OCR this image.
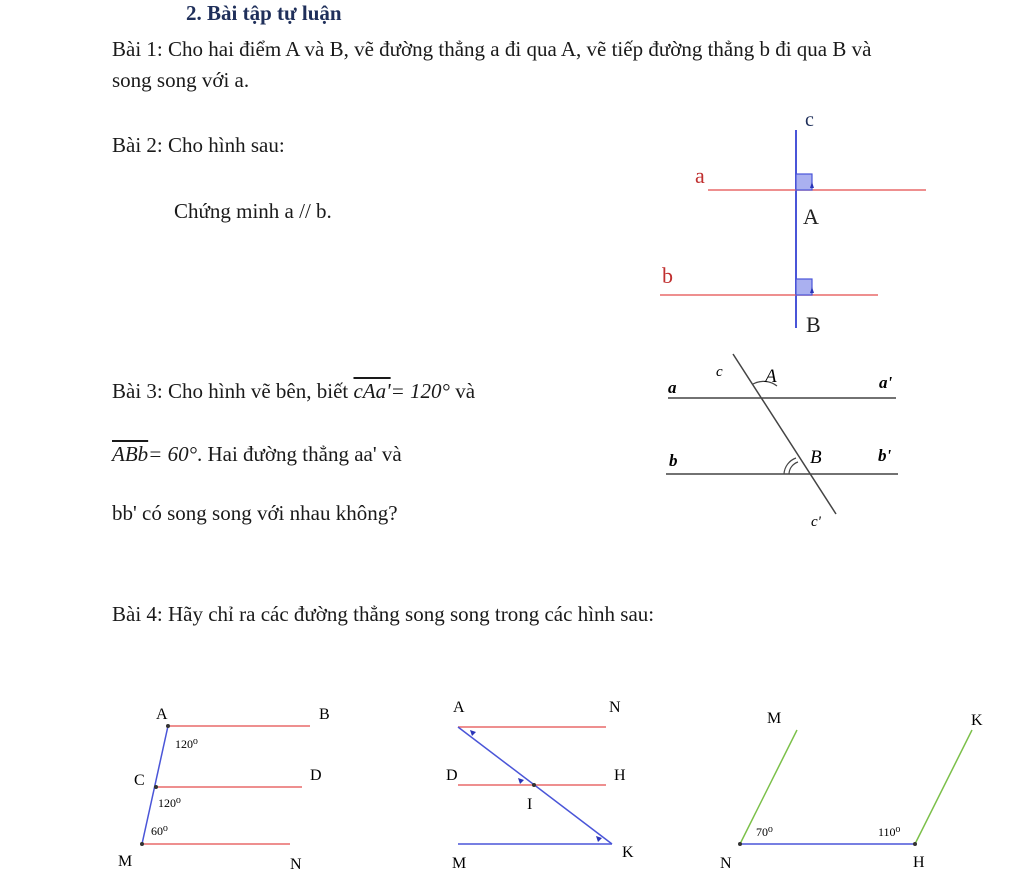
2. Bài tập tự luận
Bài 1: Cho hai điểm A và B, vẽ đường thẳng a đi qua A, vẽ tiếp đường thẳng b đi qua B và
song song với a.
Bài 2: Cho hình sau:
Chứng minh a // b.
Bài 3: Cho hình vẽ bên, biết cAa'= 120° và
$\overline{ABb}= 60^\circ$. Hai đường thẳng aa' và
bb' có song song với nhau không?
Bài 4: Hãy chỉ ra các đường thẳng song song trong các hình sau:
c
a
A
b
B
c A
a	a'
b	B	b'
c'
A	B
C	D
M	N
120⁰
120⁰
60⁰
A	N
D	H
I
M
K
M	K
N	H
70⁰	110⁰
